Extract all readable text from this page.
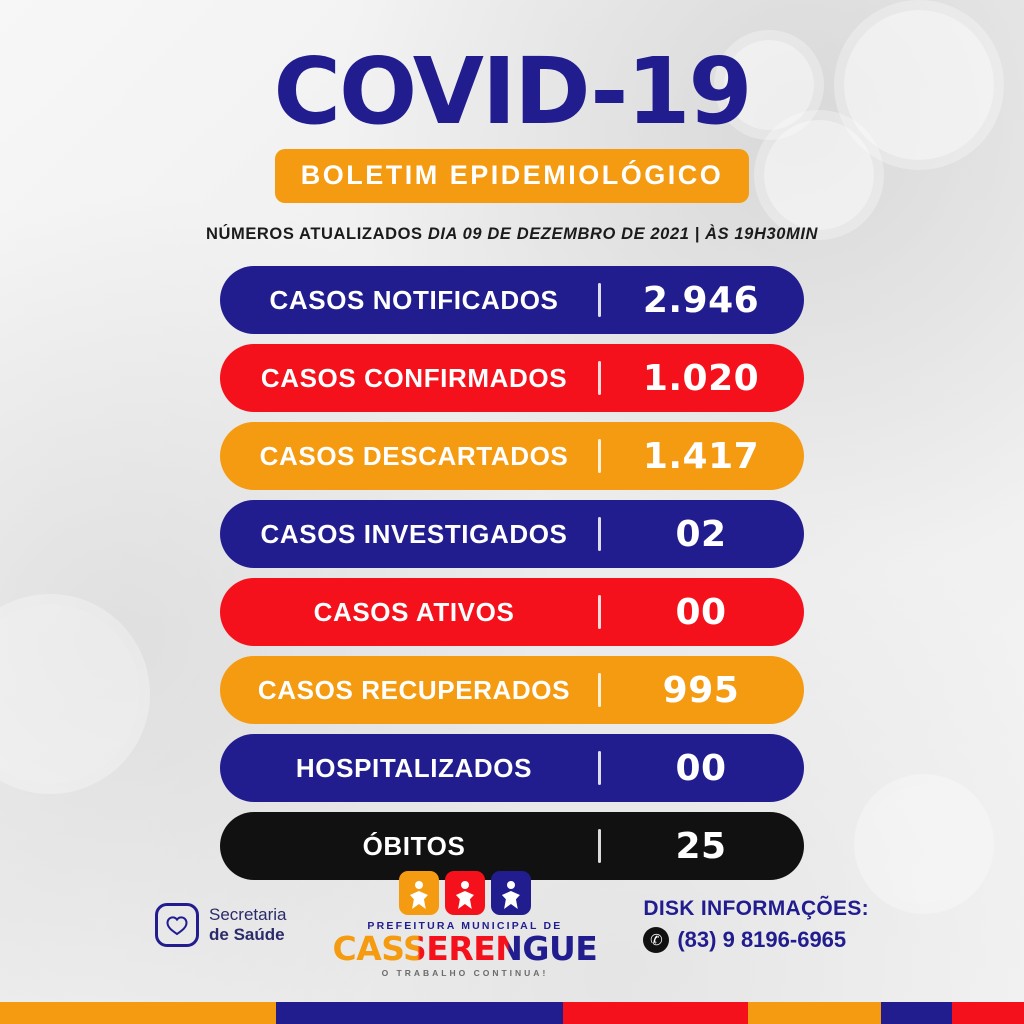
COVID-19
BOLETIM EPIDEMIOLÓGICO
NÚMEROS ATUALIZADOS DIA 09 DE DEZEMBRO DE 2021 | ÀS 19H30MIN
CASOS NOTIFICADOS	2.946
CASOS CONFIRMADOS	1.020
CASOS DESCARTADOS	1.417
CASOS INVESTIGADOS	02
CASOS ATIVOS	00
CASOS RECUPERADOS	995
HOSPITALIZADOS	00
ÓBITOS	25
Secretaria
de Saúde	PREFEITURA MUNICIPAL DE
CASSERENGUE
O TRABALHO CONTINUA!
DISK INFORMAÇÕES:
✆ (83) 9 8196-6965
